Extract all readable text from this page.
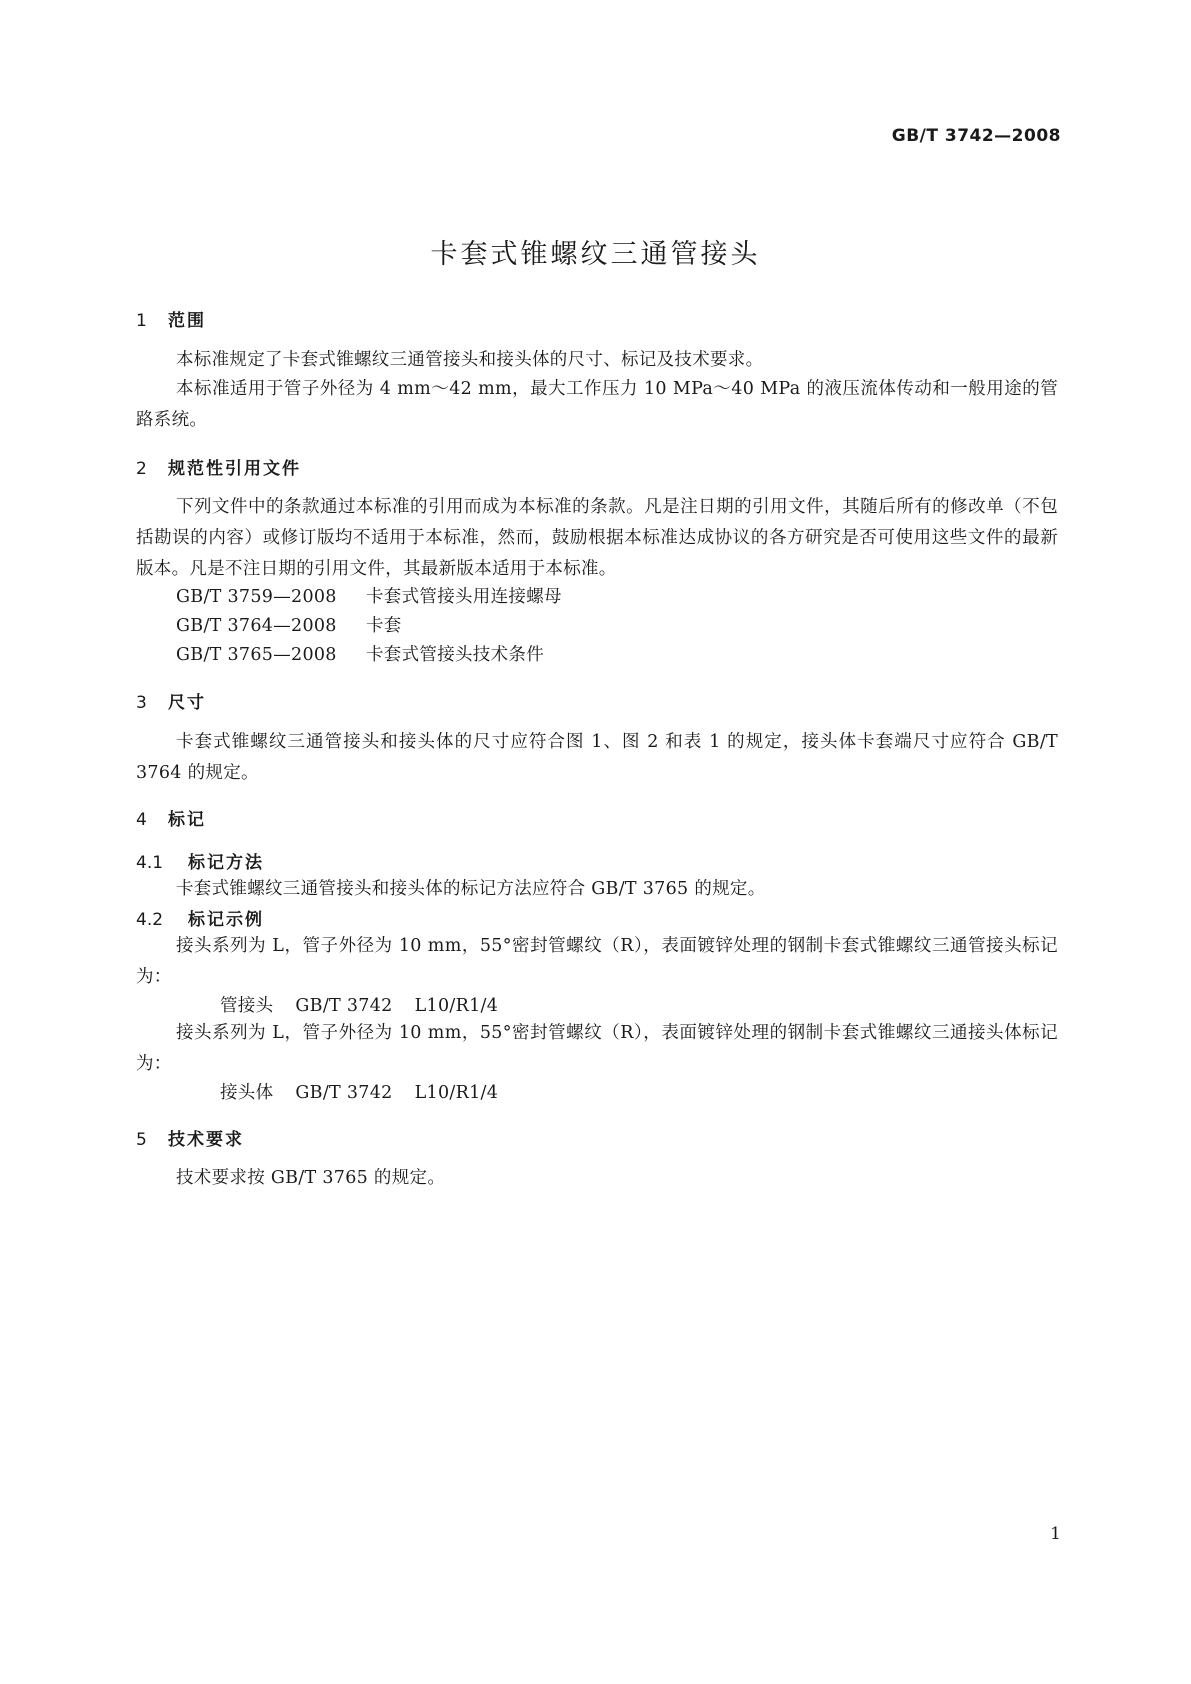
GB/T 3742—2008
卡套式锥螺纹三通管接头
1 范围
本标准规定了卡套式锥螺纹三通管接头和接头体的尺寸、标记及技术要求。
本标准适用于管子外径为 4 mm～42 mm，最大工作压力 10 MPa～40 MPa 的液压流体传动和一般用途的管路系统。
2 规范性引用文件
下列文件中的条款通过本标准的引用而成为本标准的条款。凡是注日期的引用文件，其随后所有的修改单（不包括勘误的内容）或修订版均不适用于本标准，然而，鼓励根据本标准达成协议的各方研究是否可使用这些文件的最新版本。凡是不注日期的引用文件，其最新版本适用于本标准。
GB/T 3759—2008 卡套式管接头用连接螺母
GB/T 3764—2008 卡套
GB/T 3765—2008 卡套式管接头技术条件
3 尺寸
卡套式锥螺纹三通管接头和接头体的尺寸应符合图 1、图 2 和表 1 的规定，接头体卡套端尺寸应符合 GB/T 3764 的规定。
4 标记
4.1 标记方法
卡套式锥螺纹三通管接头和接头体的标记方法应符合 GB/T 3765 的规定。
4.2 标记示例
接头系列为 L，管子外径为 10 mm，55°密封管螺纹（R），表面镀锌处理的钢制卡套式锥螺纹三通管接头标记为：
管接头 GB/T 3742 L10/R1/4
接头系列为 L，管子外径为 10 mm，55°密封管螺纹（R），表面镀锌处理的钢制卡套式锥螺纹三通接头体标记为：
接头体 GB/T 3742 L10/R1/4
5 技术要求
技术要求按 GB/T 3765 的规定。
1
